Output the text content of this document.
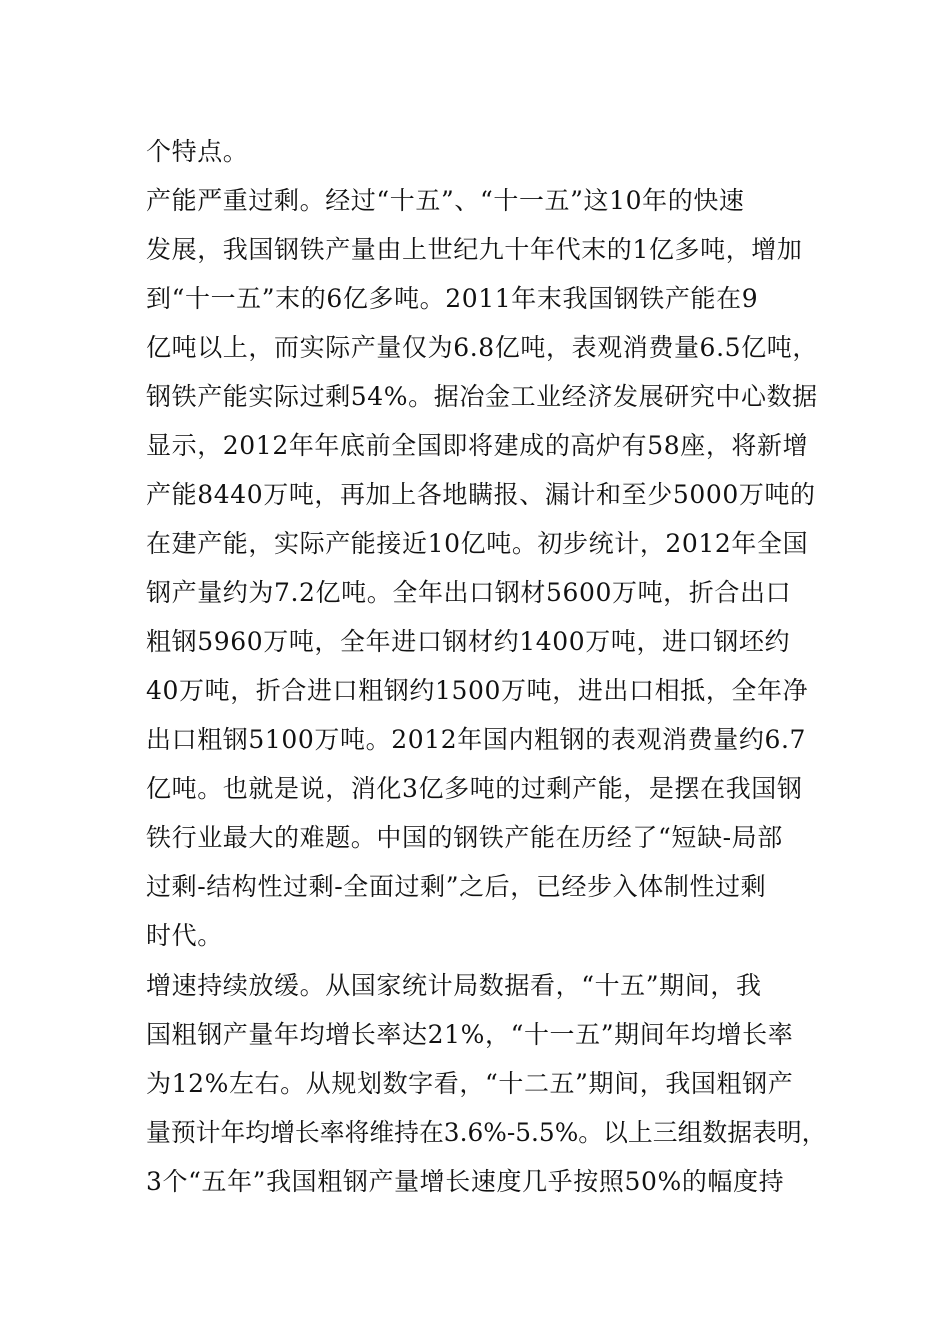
个特点。
产能严重过剩。经过“十五”、“十一五”这10年的快速
发展，我国钢铁产量由上世纪九十年代末的1亿多吨，增加
到“十一五”末的6亿多吨。2011年末我国钢铁产能在9
亿吨以上，而实际产量仅为6.8亿吨，表观消费量6.5亿吨，
钢铁产能实际过剩54%。据冶金工业经济发展研究中心数据
显示，2012年年底前全国即将建成的高炉有58座，将新增
产能8440万吨，再加上各地瞒报、漏计和至少5000万吨的
在建产能，实际产能接近10亿吨。初步统计，2012年全国
钢产量约为7.2亿吨。全年出口钢材5600万吨，折合出口
粗钢5960万吨，全年进口钢材约1400万吨，进口钢坯约
40万吨，折合进口粗钢约1500万吨，进出口相抵，全年净
出口粗钢5100万吨。2012年国内粗钢的表观消费量约6.7
亿吨。也就是说，消化3亿多吨的过剩产能，是摆在我国钢
铁行业最大的难题。中国的钢铁产能在历经了“短缺-局部
过剩-结构性过剩-全面过剩”之后，已经步入体制性过剩
时代。
增速持续放缓。从国家统计局数据看，“十五”期间，我
国粗钢产量年均增长率达21%，“十一五”期间年均增长率
为12%左右。从规划数字看，“十二五”期间，我国粗钢产
量预计年均增长率将维持在3.6%-5.5%。以上三组数据表明，
3个“五年”我国粗钢产量增长速度几乎按照50%的幅度持
